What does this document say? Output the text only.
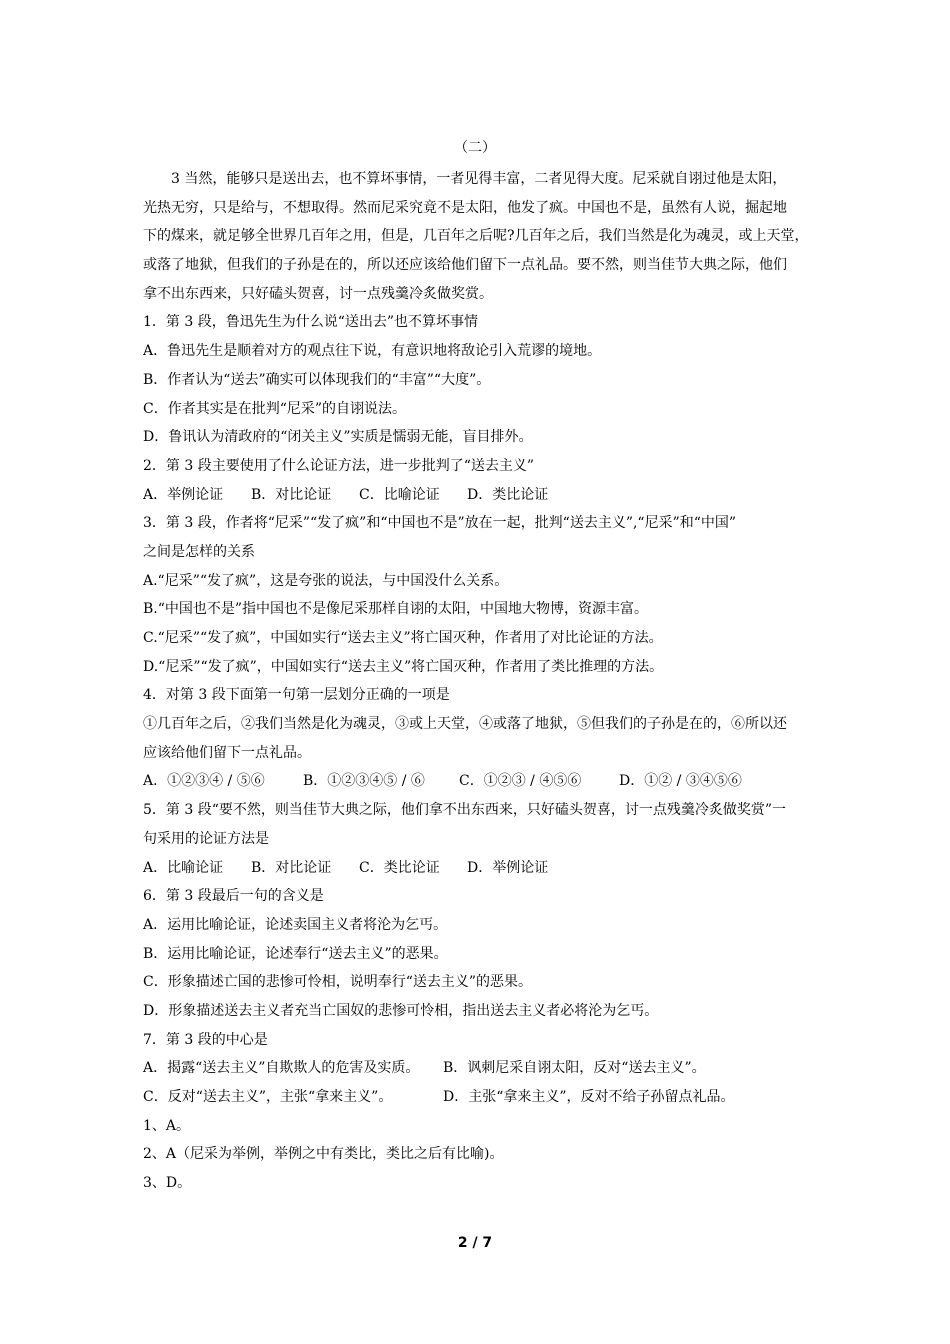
（二）
3 当然，能够只是送出去，也不算坏事情，一者见得丰富，二者见得大度。尼采就自诩过他是太阳，
光热无穷，只是给与，不想取得。然而尼采究竟不是太阳，他发了疯。中国也不是，虽然有人说，掘起地
下的煤来，就足够全世界几百年之用，但是，几百年之后呢?几百年之后，我们当然是化为魂灵，或上天堂，
或落了地狱，但我们的子孙是在的，所以还应该给他们留下一点礼品。要不然，则当佳节大典之际，他们
拿不出东西来，只好磕头贺喜，讨一点残羹冷炙做奖赏。
1．第 3 段，鲁迅先生为什么说“送出去”也不算坏事情
A．鲁迅先生是顺着对方的观点往下说，有意识地将敌论引入荒谬的境地。
B．作者认为“送去”确实可以体现我们的“丰富”“大度”。
C．作者其实是在批判“尼采”的自诩说法。
D．鲁讯认为清政府的“闭关主义”实质是懦弱无能，盲目排外。
2．第 3 段主要使用了什么论证方法，进一步批判了“送去主义”
A．举例论证	B．对比论证	C．比喻论证	D．类比论证
3．第 3 段，作者将“尼采”“发了疯”和“中国也不是”放在一起，批判“送去主义”,“尼采”和“中国”
之间是怎样的关系
A.“尼采”“发了疯”，这是夸张的说法，与中国没什么关系。
B.“中国也不是”指中国也不是像尼采那样自诩的太阳，中国地大物博，资源丰富。
C.“尼采”“发了疯”，中国如实行“送去主义”将亡国灭种，作者用了对比论证的方法。
D.“尼采”“发了疯”，中国如实行“送去主义”将亡国灭种，作者用了类比推理的方法。
4．对第 3 段下面第一句第一层划分正确的一项是
①几百年之后，②我们当然是化为魂灵，③或上天堂，④或落了地狱，⑤但我们的子孙是在的，⑥所以还
应该给他们留下一点礼品。
A．①②③④ / ⑤⑥	B．①②③④⑤ / ⑥	C．①②③ / ④⑤⑥	D．①② / ③④⑤⑥
5．第 3 段“要不然，则当佳节大典之际，他们拿不出东西来，只好磕头贺喜，讨一点残羹冷炙做奖赏”一
句采用的论证方法是
A．比喻论证	B．对比论证	C．类比论证	D．举例论证
6．第 3 段最后一句的含义是
A．运用比喻论证，论述卖国主义者将沦为乞丐。
B．运用比喻论证，论述奉行“送去主义”的恶果。
C．形象描述亡国的悲惨可怜相，说明奉行“送去主义”的恶果。
D．形象描述送去主义者充当亡国奴的悲惨可怜相，指出送去主义者必将沦为乞丐。
7．第 3 段的中心是
A．揭露“送去主义”自欺欺人的危害及实质。	B．讽刺尼采自诩太阳，反对“送去主义”。
C．反对“送去主义”，主张“拿来主义”。	D．主张“拿来主义”，反对不给子孙留点礼品。
1、A。
2、A（尼采为举例，举例之中有类比，类比之后有比喻)。
3、D。
2 / 7
